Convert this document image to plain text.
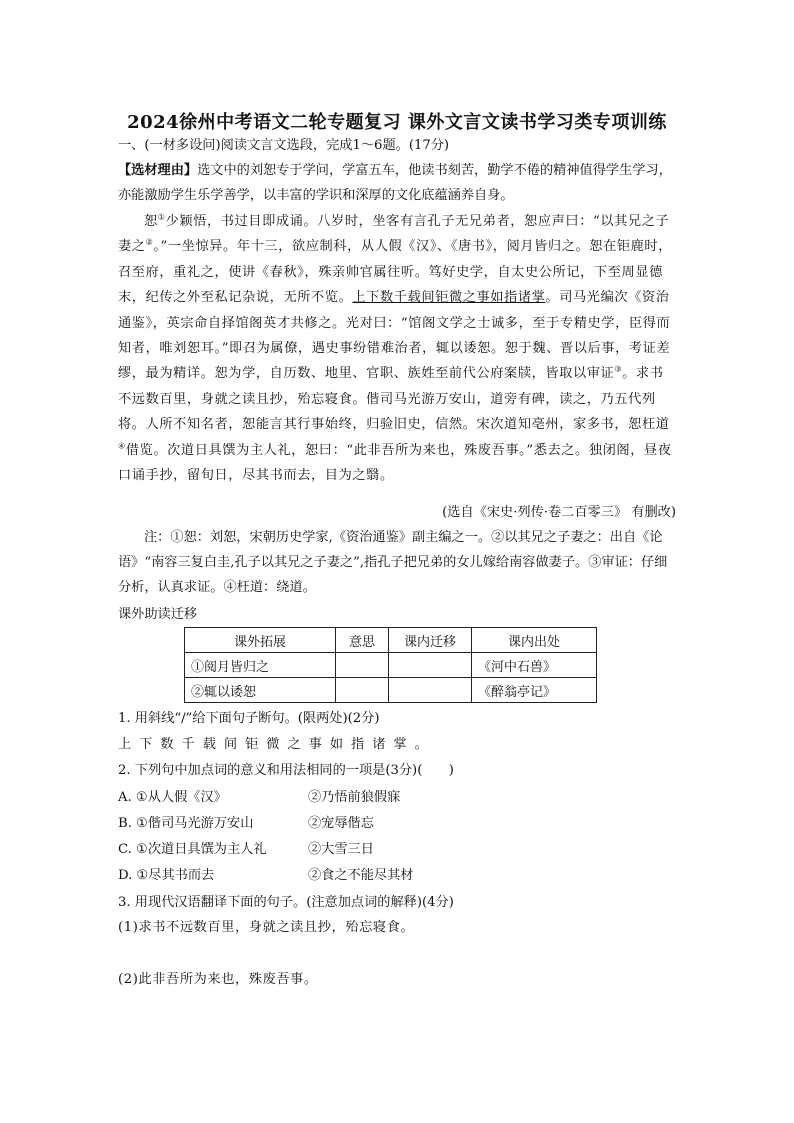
2024徐州中考语文二轮专题复习 课外文言文读书学习类专项训练
一、(一材多设问)阅读文言文选段，完成1～6题。(17分)
【选材理由】选文中的刘恕专于学问，学富五车，他读书刻苦，勤学不倦的精神值得学生学习，亦能激励学生乐学善学，以丰富的学识和深厚的文化底蕴涵养自身。
恕①少颖悟，书过目即成诵。八岁时，坐客有言孔子无兄弟者，恕应声曰：“以其兄之子妻之②。”一坐惊异。年十三，欲应制科，从人假《汉》、《唐书》，阅月皆归之。恕在钜鹿时，召至府，重礼之，使讲《春秋》，殊亲帅官属往听。笃好史学，自太史公所记，下至周显德末，纪传之外至私记杂说，无所不览。上下数千载间钜微之事如指诸掌。司马光编次《资治通鉴》，英宗命自择馆阁英才共修之。光对曰：“馆阁文学之士诚多，至于专精史学，臣得而知者，唯刘恕耳。”即召为属僚，遇史事纷错难治者，辄以诿恕。恕于魏、晋以后事，考证差缪，最为精详。恕为学，自历数、地里、官职、族姓至前代公府案牍，皆取以审证③。求书不远数百里，身就之读且抄，殆忘寝食。偕司马光游万安山，道旁有碑，读之，乃五代列将。人所不知名者，恕能言其行事始终，归验旧史，信然。宋次道知亳州，家多书，恕枉道④借览。次道日具馔为主人礼，恕曰：“此非吾所为来也，殊废吾事。”悉去之。独闭阁，昼夜口诵手抄，留旬日，尽其书而去，目为之翳。
(选自《宋史·列传·卷二百零三》 有删改)
注：①恕：刘恕，宋朝历史学家,《资治通鉴》副主编之一。②以其兄之子妻之：出自《论语》“南容三复白圭,孔子以其兄之子妻之”,指孔子把兄弟的女儿嫁给南容做妻子。③审证：仔细分析，认真求证。④枉道：绕道。
课外助读迁移
课外拓展	意思	课内迁移	课内出处
①阅月皆归之			《河中石兽》
②辄以诿恕			《醉翁亭记》
1. 用斜线“/”给下面句子断句。(限两处)(2分)
上下数千载间钜微之事如指诸掌。
2. 下列句中加点词的意义和用法相同的一项是(3分)(　　)
A. ①从人假《汉》	②乃悟前狼假寐
B. ①偕司马光游万安山	②宠辱偕忘
C. ①次道日具馔为主人礼	②大雪三日
D. ①尽其书而去	②食之不能尽其材
3. 用现代汉语翻译下面的句子。(注意加点词的解释)(4分)
(1)求书不远数百里，身就之读且抄，殆忘寝食。
(2)此非吾所为来也，殊废吾事。
